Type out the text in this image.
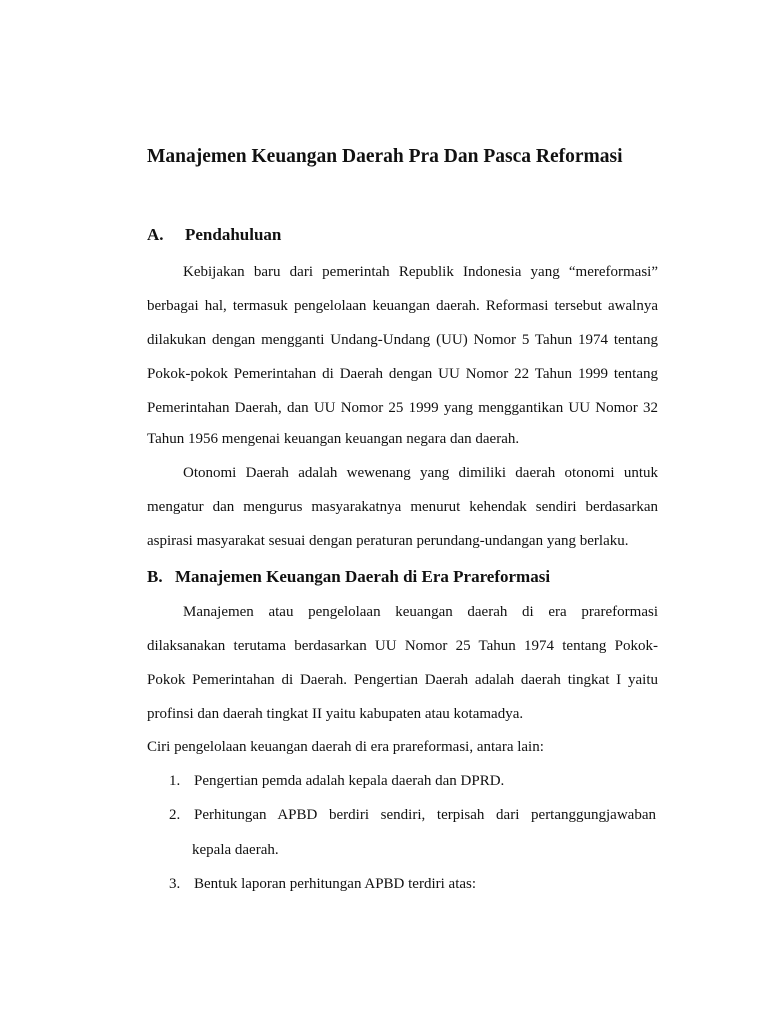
Manajemen Keuangan Daerah Pra Dan Pasca Reformasi
A. Pendahuluan
Kebijakan baru dari pemerintah Republik Indonesia yang “mereformasi”
berbagai hal, termasuk pengelolaan keuangan daerah. Reformasi tersebut awalnya
dilakukan dengan mengganti Undang-Undang (UU) Nomor 5 Tahun 1974 tentang
Pokok-pokok Pemerintahan di Daerah dengan UU Nomor 22 Tahun 1999 tentang
Pemerintahan Daerah, dan UU Nomor 25 1999 yang menggantikan UU Nomor 32
Tahun 1956 mengenai keuangan keuangan negara dan daerah.
Otonomi Daerah adalah wewenang yang dimiliki daerah otonomi untuk
mengatur dan mengurus masyarakatnya menurut kehendak sendiri berdasarkan
aspirasi masyarakat sesuai dengan peraturan perundang-undangan yang berlaku.
B. Manajemen Keuangan Daerah di Era Prareformasi
Manajemen atau pengelolaan keuangan daerah di era prareformasi
dilaksanakan terutama berdasarkan UU Nomor 25 Tahun 1974 tentang Pokok-
Pokok Pemerintahan di Daerah. Pengertian Daerah adalah daerah tingkat I yaitu
profinsi dan daerah tingkat II yaitu kabupaten atau kotamadya.
Ciri pengelolaan keuangan daerah di era prareformasi, antara lain:
1. Pengertian pemda adalah kepala daerah dan DPRD.
2. Perhitungan APBD berdiri sendiri, terpisah dari pertanggungjawaban
kepala daerah.
3. Bentuk laporan perhitungan APBD terdiri atas:
